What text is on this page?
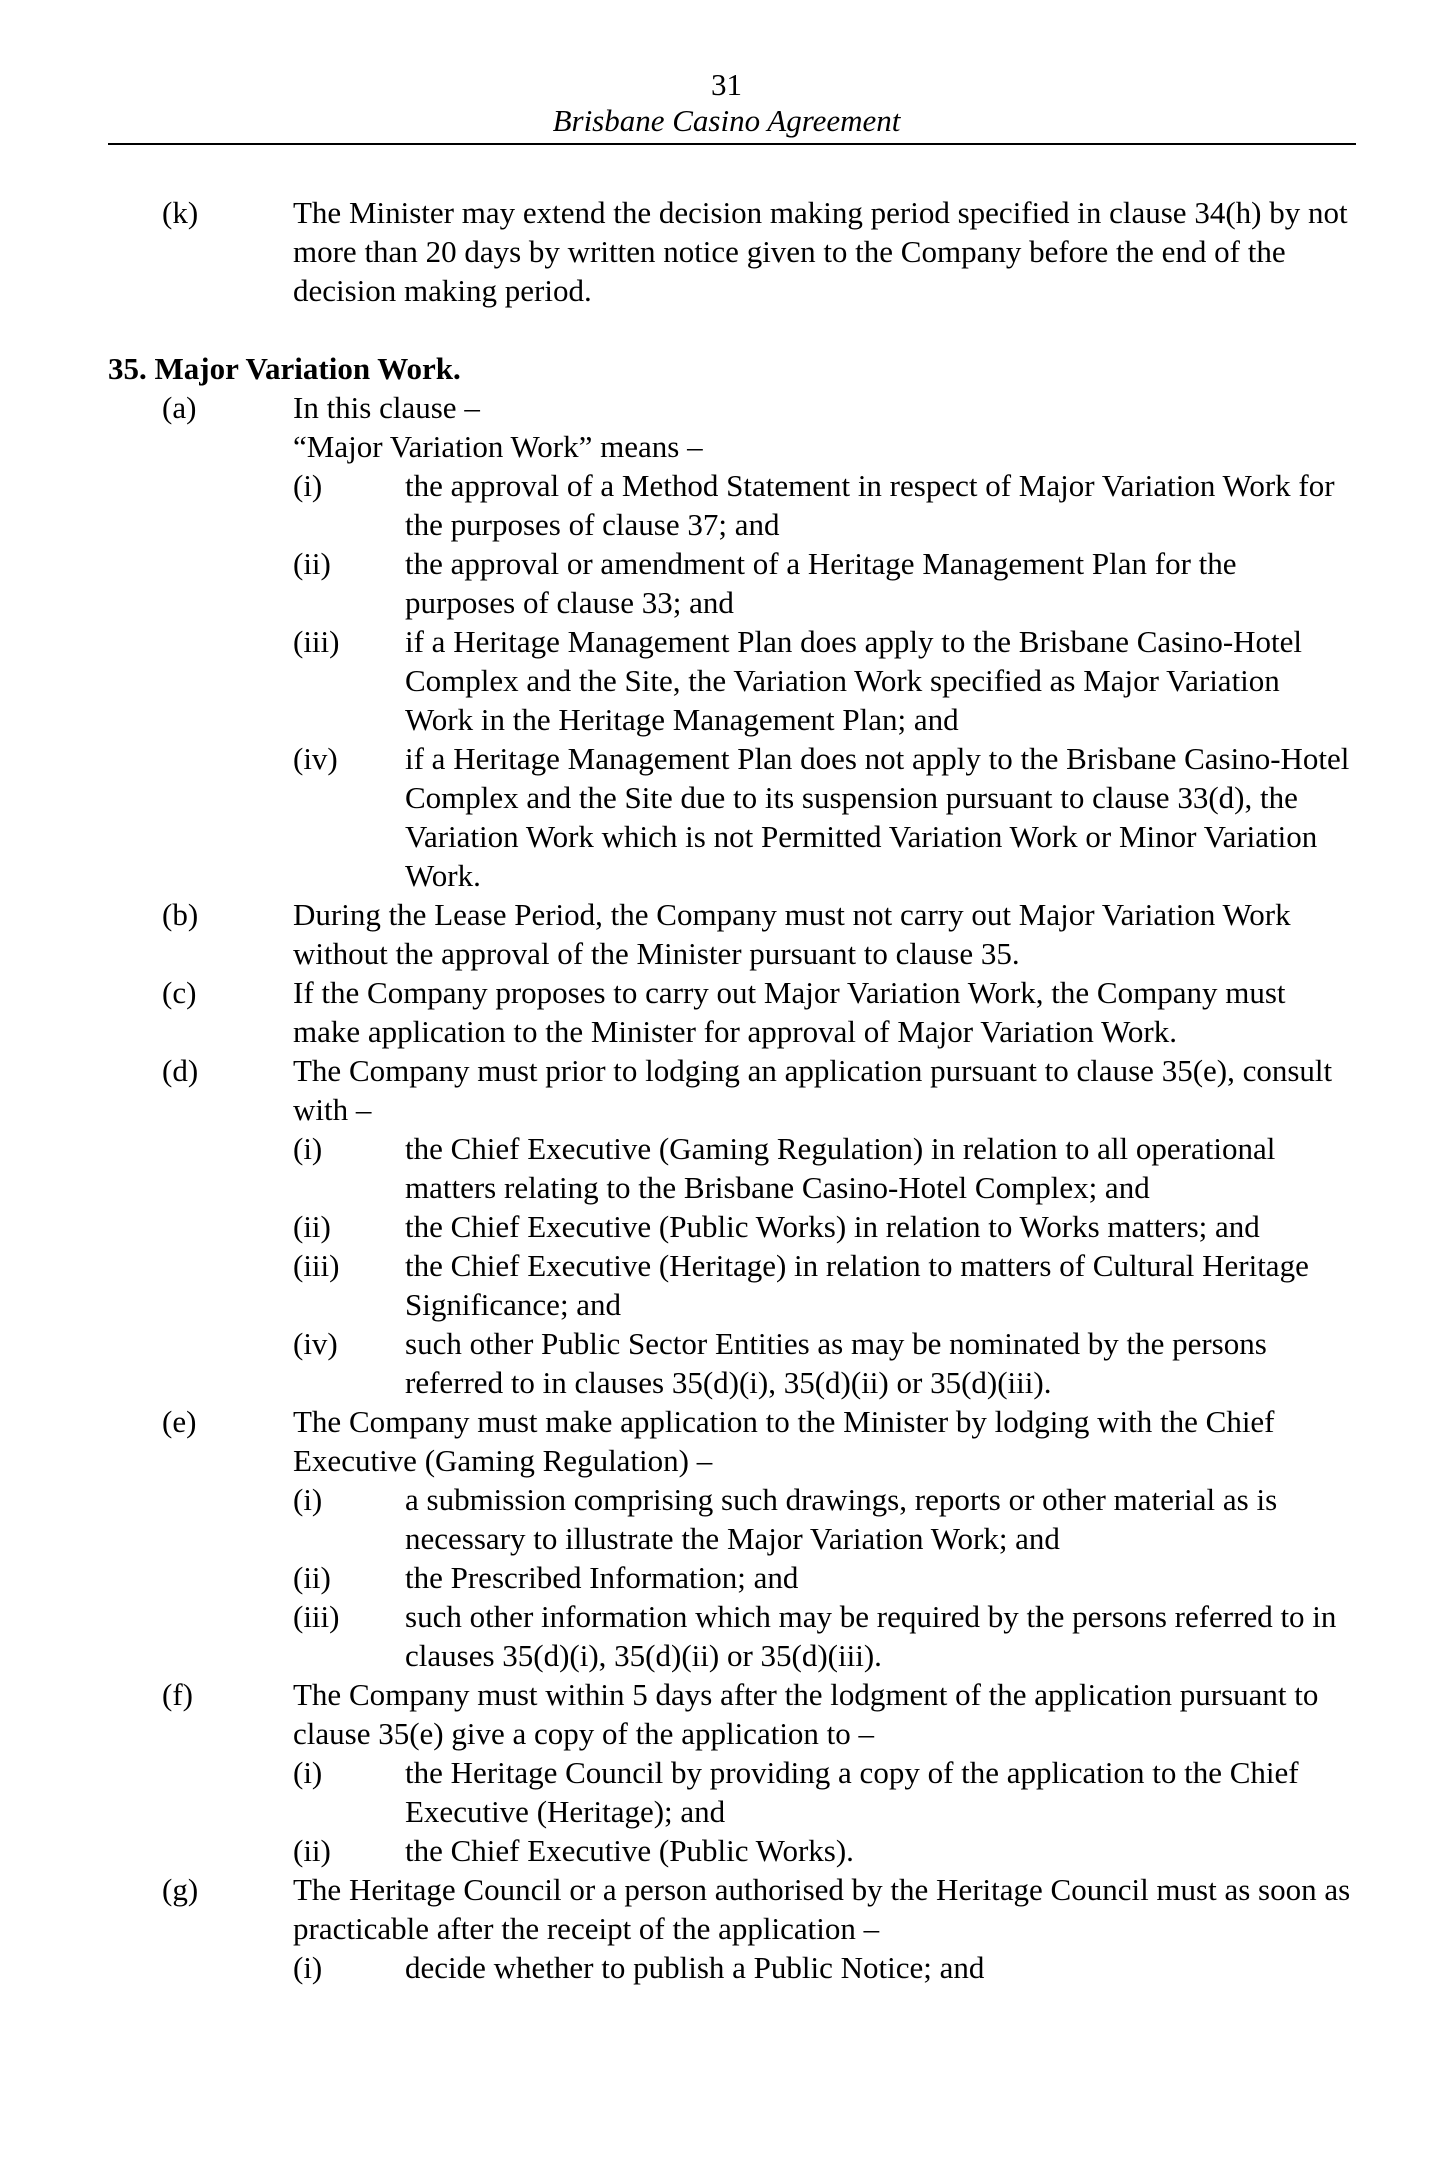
31
Brisbane Casino Agreement
(k)	The Minister may extend the decision making period specified in clause 34(h) by not more than 20 days by written notice given to the Company before the end of the decision making period.
35. Major Variation Work.
(a)	In this clause –
“Major Variation Work” means –
(i)	the approval of a Method Statement in respect of Major Variation Work for the purposes of clause 37; and
(ii) the approval or amendment of a Heritage Management Plan for the purposes of clause 33; and
(iii) if a Heritage Management Plan does apply to the Brisbane Casino-Hotel Complex and the Site, the Variation Work specified as Major Variation Work in the Heritage Management Plan; and
(iv) if a Heritage Management Plan does not apply to the Brisbane Casino-Hotel Complex and the Site due to its suspension pursuant to clause 33(d), the Variation Work which is not Permitted Variation Work or Minor Variation Work.
(b)	During the Lease Period, the Company must not carry out Major Variation Work without the approval of the Minister pursuant to clause 35.
(c)	If the Company proposes to carry out Major Variation Work, the Company must make application to the Minister for approval of Major Variation Work.
(d)	The Company must prior to lodging an application pursuant to clause 35(e), consult with –
(i)	the Chief Executive (Gaming Regulation) in relation to all operational matters relating to the Brisbane Casino-Hotel Complex; and
(ii) the Chief Executive (Public Works) in relation to Works matters; and
(iii) the Chief Executive (Heritage) in relation to matters of Cultural Heritage Significance; and
(iv) such other Public Sector Entities as may be nominated by the persons referred to in clauses 35(d)(i), 35(d)(ii) or 35(d)(iii).
(e)	The Company must make application to the Minister by lodging with the Chief Executive (Gaming Regulation) –
(i)	a submission comprising such drawings, reports or other material as is necessary to illustrate the Major Variation Work; and
(ii) the Prescribed Information; and
(iii) such other information which may be required by the persons referred to in clauses 35(d)(i), 35(d)(ii) or 35(d)(iii).
(f)	The Company must within 5 days after the lodgment of the application pursuant to clause 35(e) give a copy of the application to –
(i)	the Heritage Council by providing a copy of the application to the Chief Executive (Heritage); and
(ii) the Chief Executive (Public Works).
(g)	The Heritage Council or a person authorised by the Heritage Council must as soon as practicable after the receipt of the application –
(i)	decide whether to publish a Public Notice; and
